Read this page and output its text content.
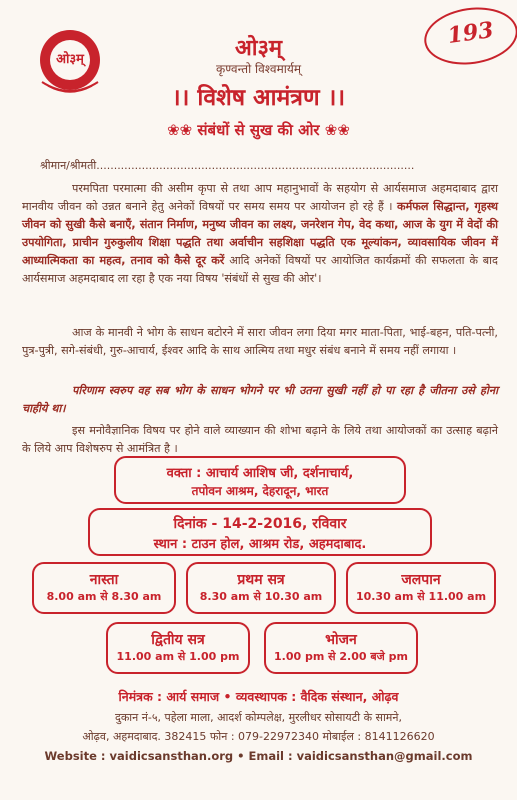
193
ओ३म्	ओ३म्
कृण्वन्तो विश्वमार्यम्
।। विशेष आमंत्रण ।।
❀❀ संबंधों से सुख की ओर ❀❀
श्रीमान/श्रीमती...........................................................................................
परमपिता परमात्मा की असीम कृपा से तथा आप महानुभावों के सहयोग से आर्यसमाज अहमदाबाद द्वारा मानवीय जीवन को उन्नत बनाने हेतु अनेकों विषयों पर समय समय पर आयोजन हो रहे हैं । कर्मफल सिद्धान्त, गृहस्थ जीवन को सुखी कैसे बनाएँ, संतान निर्माण, मनुष्य जीवन का लक्ष्य, जनरेशन गेप, वेद कथा, आज के युग में वेदों की उपयोगिता, प्राचीन गुरुकुलीय शिक्षा पद्धति तथा अर्वाचीन सहशिक्षा पद्धति एक मूल्यांकन, व्यावसायिक जीवन में आध्यात्मिकता का महत्व, तनाव को कैसे दूर करें आदि अनेकों विषयों पर आयोजित कार्यक्रमों की सफलता के बाद आर्यसमाज अहमदाबाद ला रहा है एक नया विषय 'संबंधों से सुख की ओर'।
आज के मानवी ने भोग के साधन बटोरने में सारा जीवन लगा दिया मगर माता-पिता, भाई-बहन, पति-पत्नी, पुत्र-पुत्री, सगे-संबंधी, गुरु-आचार्य, ईश्वर आदि के साथ आत्मिय तथा मधुर संबंध बनाने में समय नहीं लगाया ।
परिणाम स्वरुप वह सब भोग के साधन भोगने पर भी उतना सुखी नहीं हो पा रहा है जीतना उसे होना चाहीये था।
इस मनोवैज्ञानिक विषय पर होने वाले व्याख्यान की शोभा बढ़ाने के लिये तथा आयोजकों का उत्साह बढ़ाने के लिये आप विशेषरुप से आमंत्रित है ।
वक्ता : आचार्य आशिष जी, दर्शनाचार्य,
तपोवन आश्रम, देहरादून, भारत
दिनांक - 14-2-2016, रविवार
स्थान : टाउन होल, आश्रम रोड, अहमदाबाद.
नास्ता
8.00 am से 8.30 am
प्रथम सत्र
8.30 am से 10.30 am
जलपान
10.30 am से 11.00 am
द्वितीय सत्र
11.00 am से 1.00 pm
भोजन
1.00 pm से 2.00 बजे pm
निमंत्रक : आर्य समाज • व्यवस्थापक : वैदिक संस्थान, ओढ़व
दुकान नं-५, पहेला माला, आदर्श कोम्पलेक्ष, मुरलीधर सोसायटी के सामने,
ओढ़व, अहमदाबाद. 382415 फोन : 079-22972340 मोबाईल : 8141126620
Website : vaidicsansthan.org • Email : vaidicsansthan@gmail.com
